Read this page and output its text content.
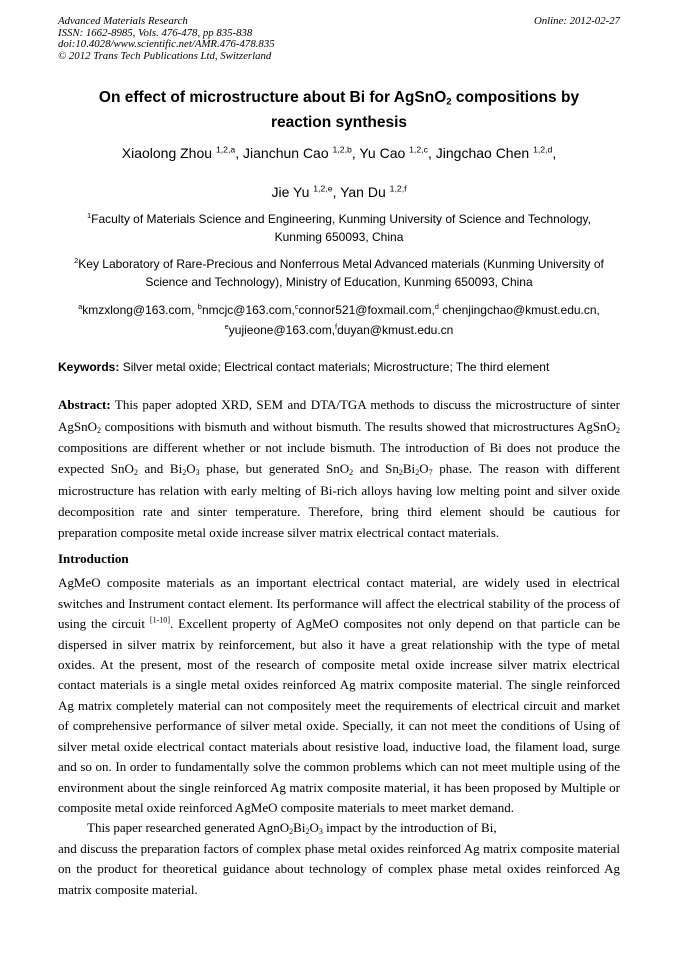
Advanced Materials Research
ISSN: 1662-8985, Vols. 476-478, pp 835-838
doi:10.4028/www.scientific.net/AMR.476-478.835
© 2012 Trans Tech Publications Ltd, Switzerland
Online: 2012-02-27
On effect of microstructure about Bi for AgSnO$_2$ compositions by reaction synthesis
Xiaolong Zhou $^{1,2,a}$, Jianchun Cao $^{1,2,b}$, Yu Cao $^{1,2,c}$, Jingchao Chen $^{1,2,d}$,
Jie Yu $^{1,2,e}$, Yan Du $^{1,2,f}$
$^1$Faculty of Materials Science and Engineering, Kunming University of Science and Technology, Kunming 650093, China
$^2$Key Laboratory of Rare-Precious and Nonferrous Metal Advanced materials (Kunming University of Science and Technology), Ministry of Education, Kunming 650093, China
$^a$kmzxlong@163.com, $^b$nmcjc@163.com,$^c$connor521@foxmail.com,$^d$ chenjingchao@kmust.edu.cn,
$^e$yujieone@163.com,$^f$duyan@kmust.edu.cn
Keywords: Silver metal oxide; Electrical contact materials; Microstructure; The third element
Abstract: This paper adopted XRD, SEM and DTA/TGA methods to discuss the microstructure of sinter AgSnO$_2$ compositions with bismuth and without bismuth. The results showed that microstructures AgSnO$_2$ compositions are different whether or not include bismuth. The introduction of Bi does not produce the expected SnO$_2$ and $Bi_2O_3$ phase, but generated SnO$_2$ and $Sn_2Bi_2O_7$ phase. The reason with different microstructure has relation with early melting of Bi-rich alloys having low melting point and silver oxide decomposition rate and sinter temperature. Therefore, bring third element should be cautious for preparation composite metal oxide increase silver matrix electrical contact materials.
Introduction
AgMeO composite materials as an important electrical contact material, are widely used in electrical switches and Instrument contact element. Its performance will affect the electrical stability of the process of using the circuit [1-10]. Excellent property of AgMeO composites not only depend on that particle can be dispersed in silver matrix by reinforcement, but also it have a great relationship with the type of metal oxides. At the present, most of the research of composite metal oxide increase silver matrix electrical contact materials is a single metal oxides reinforced Ag matrix composite material. The single reinforced Ag matrix completely material can not compositely meet the requirements of electrical circuit and market of comprehensive performance of silver metal oxide. Specially, it can not meet the conditions of Using of silver metal oxide electrical contact materials about resistive load, inductive load, the filament load, surge and so on. In order to fundamentally solve the common problems which can not meet multiple using of the environment about the single reinforced Ag matrix composite material, it has been proposed by Multiple or composite metal oxide reinforced AgMeO composite materials to meet market demand.
This paper researched generated $AgnO_2Bi_2O_3$ impact by the introduction of Bi,
and discuss the preparation factors of complex phase metal oxides reinforced Ag matrix composite material on the product for theoretical guidance about technology of complex phase metal oxides reinforced Ag matrix composite material.
